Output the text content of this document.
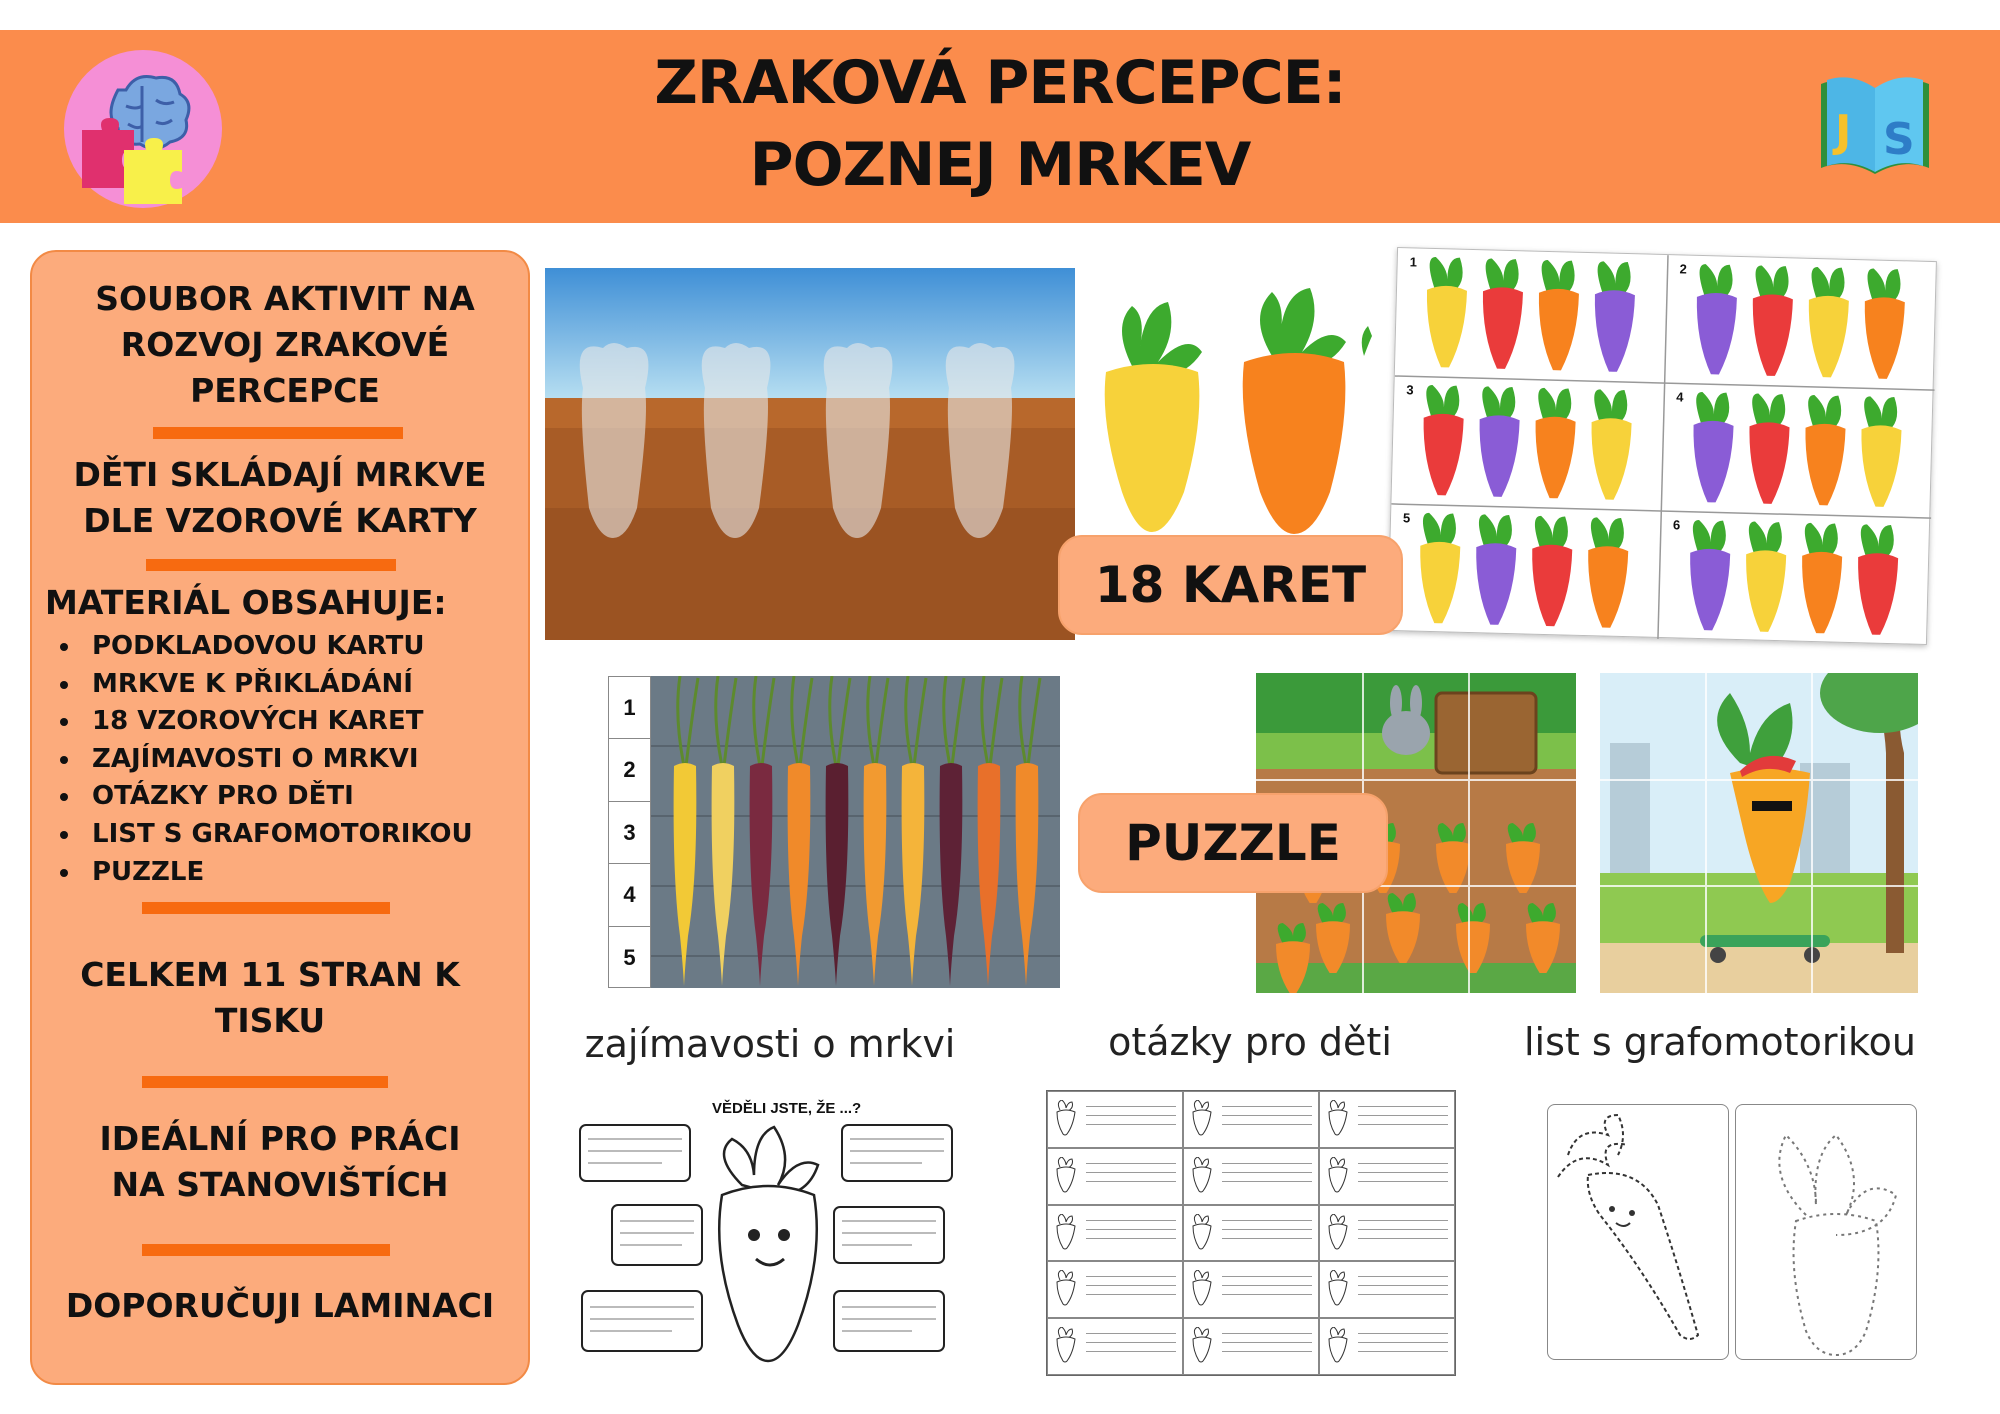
ZRAKOVÁ PERCEPCE:
POZNEJ MRKEV	J S
SOUBOR AKTIVIT NA ROZVOJ ZRAKOVÉ PERCEPCE
DĚTI SKLÁDAJÍ MRKVE DLE VZOROVÉ KARTY
MATERIÁL OBSAHUJE:
PODKLADOVOU KARTU
MRKVE K PŘIKLÁDÁNÍ
18 VZOROVÝCH KARET
ZAJÍMAVOSTI O MRKVI
OTÁZKY PRO DĚTI
LIST S GRAFOMOTORIKOU
PUZZLE
CELKEM 11 STRAN K TISKU
IDEÁLNÍ PRO PRÁCI NA STANOVIŠTÍCH
DOPORUČUJI LAMINACI
1	2
3	4
5	6
18 KARET
1
2
3
4
5
PUZZLE
zajímavosti o mrkvi	otázky pro děti	list s grafomotorikou
VĚDĚLI JSTE, ŽE ...?
